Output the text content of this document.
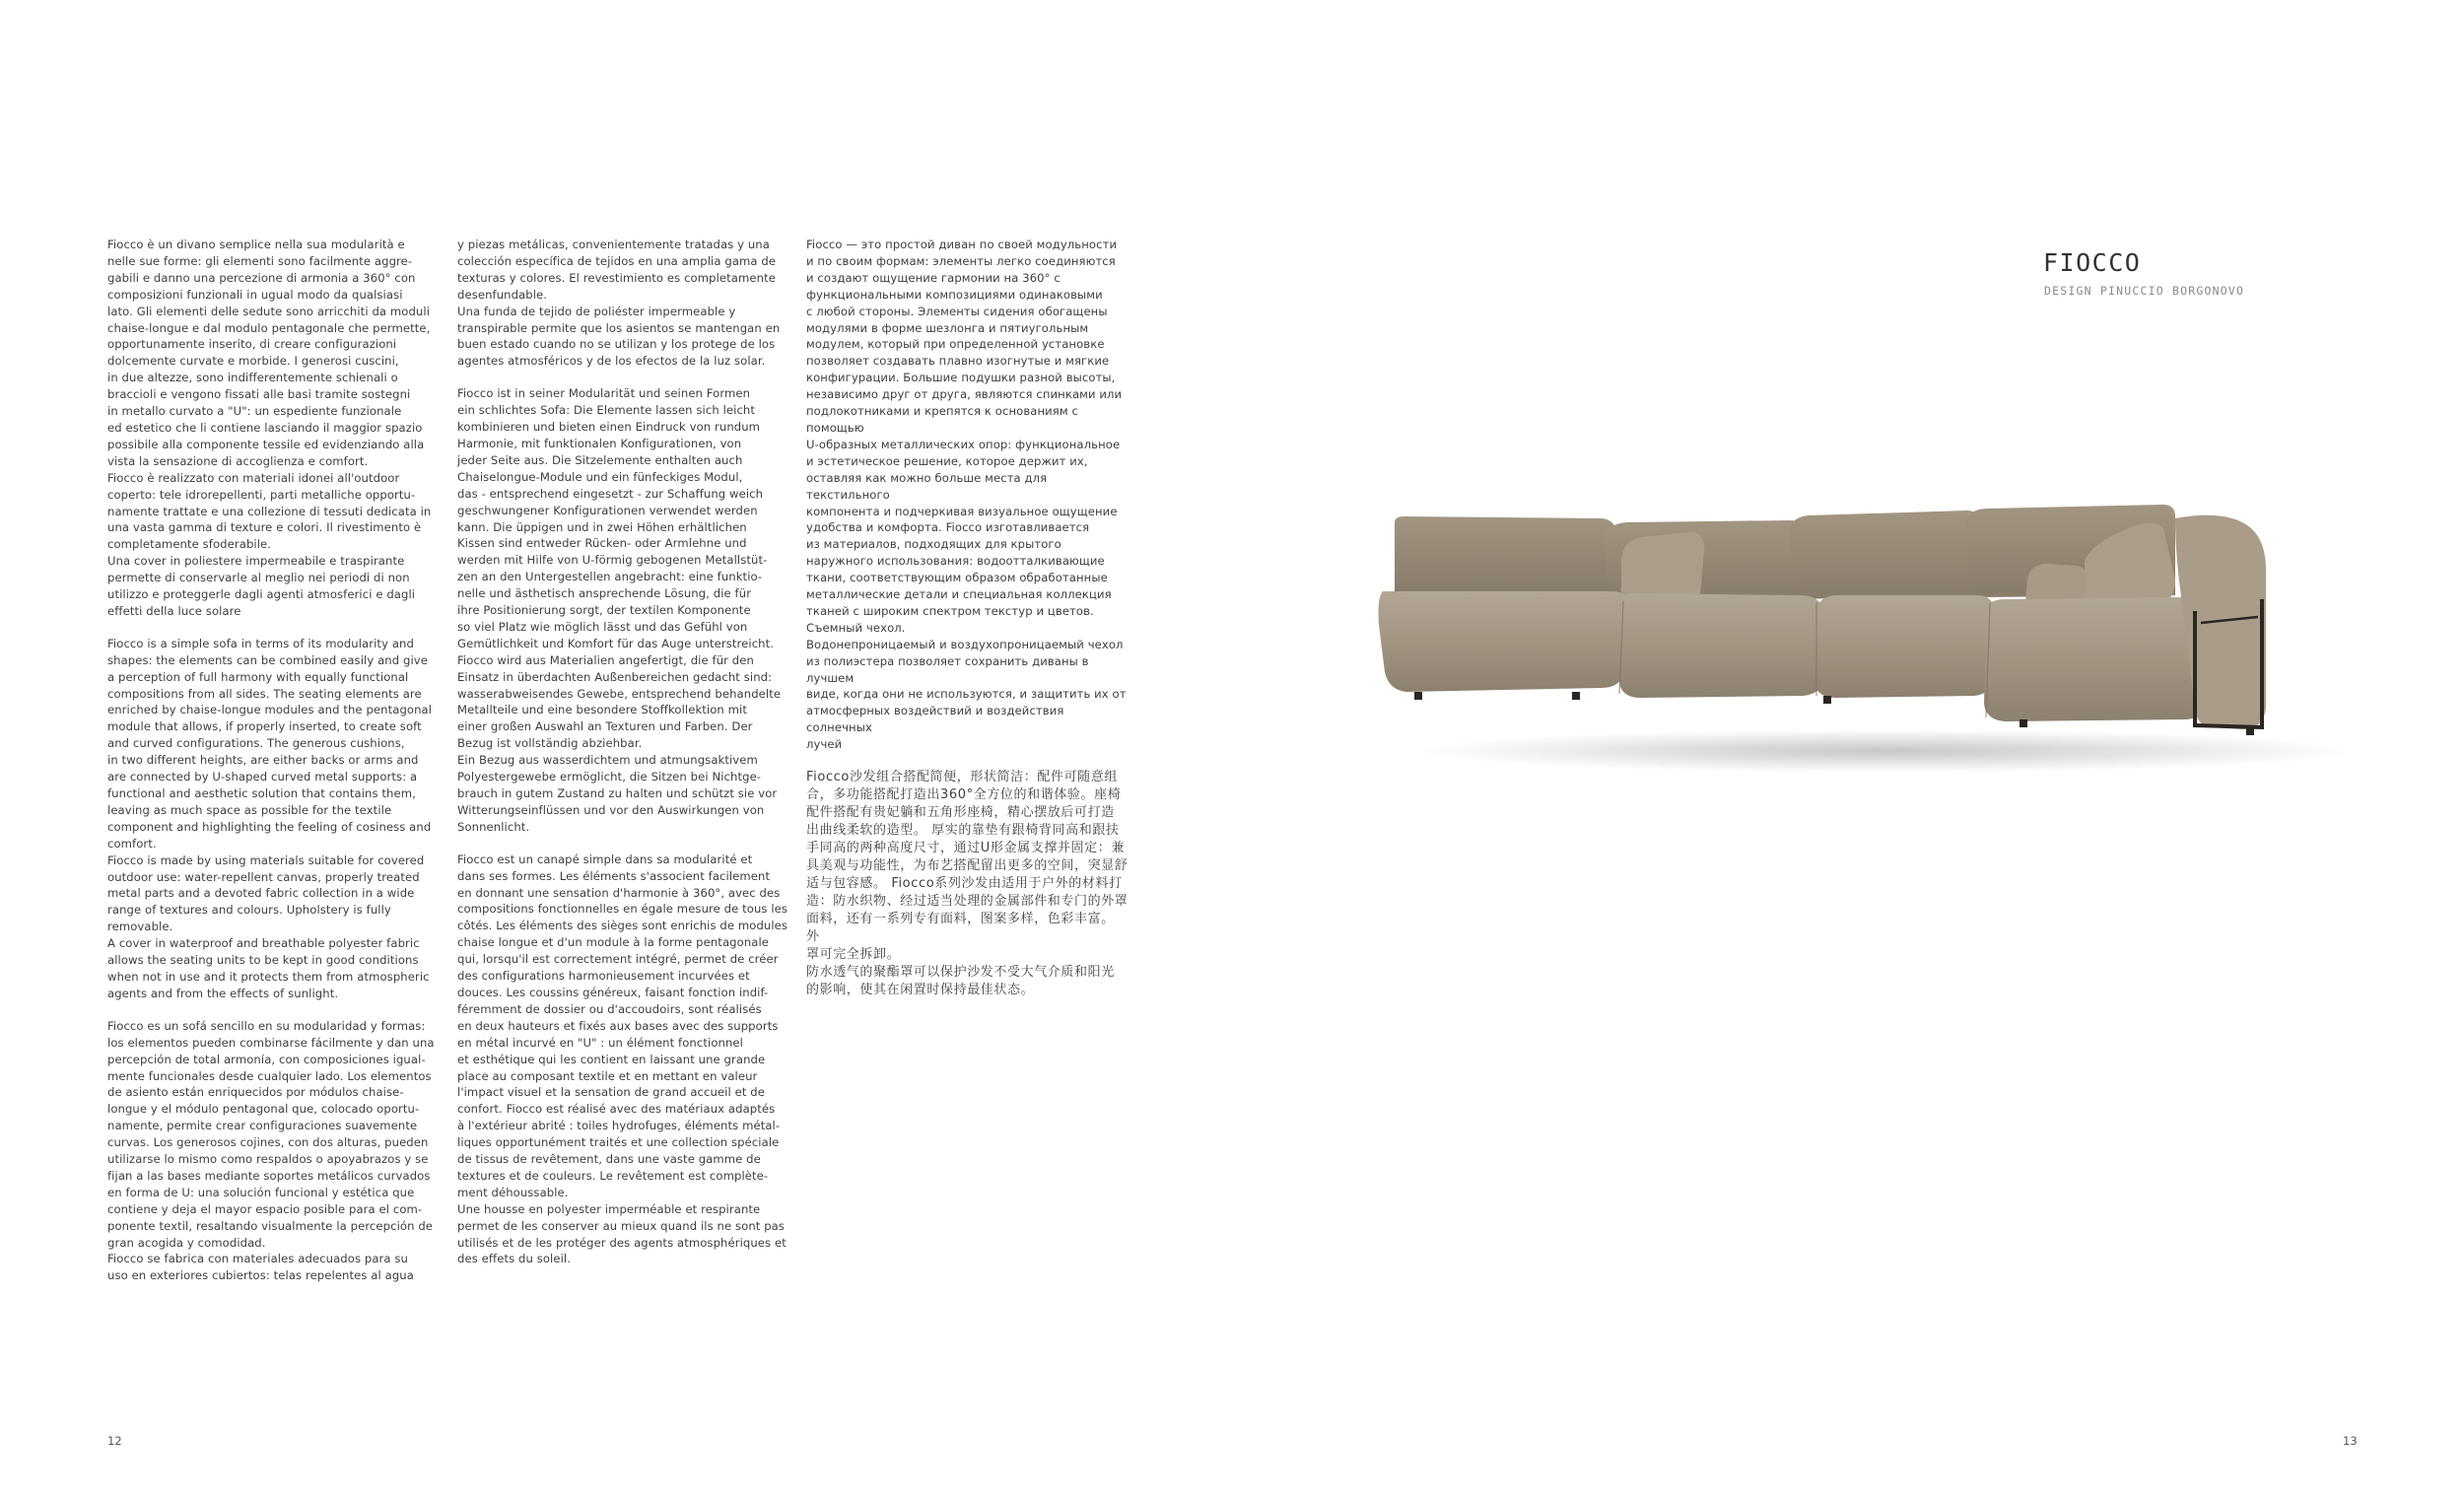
Fiocco è un divano semplice nella sua modularità e
nelle sue forme: gli elementi sono facilmente aggre-
gabili e danno una percezione di armonia a 360° con
composizioni funzionali in ugual modo da qualsiasi
lato. Gli elementi delle sedute sono arricchiti da moduli
chaise-longue e dal modulo pentagonale che permette,
opportunamente inserito, di creare configurazioni
dolcemente curvate e morbide. I generosi cuscini,
in due altezze, sono indifferentemente schienali o
braccioli e vengono fissati alle basi tramite sostegni
in metallo curvato a "U": un espediente funzionale
ed estetico che li contiene lasciando il maggior spazio
possibile alla componente tessile ed evidenziando alla
vista la sensazione di accoglienza e comfort.
Fiocco è realizzato con materiali idonei all'outdoor
coperto: tele idrorepellenti, parti metalliche opportu-
namente trattate e una collezione di tessuti dedicata in
una vasta gamma di texture e colori. Il rivestimento è
completamente sfoderabile.
Una cover in poliestere impermeabile e traspirante
permette di conservarle al meglio nei periodi di non
utilizzo e proteggerle dagli agenti atmosferici e dagli
effetti della luce solare

Fiocco is a simple sofa in terms of its modularity and
shapes: the elements can be combined easily and give
a perception of full harmony with equally functional
compositions from all sides. The seating elements are
enriched by chaise-longue modules and the pentagonal
module that allows, if properly inserted, to create soft
and curved configurations. The generous cushions,
in two different heights, are either backs or arms and
are connected by U-shaped curved metal supports: a
functional and aesthetic solution that contains them,
leaving as much space as possible for the textile
component and highlighting the feeling of cosiness and
comfort.
Fiocco is made by using materials suitable for covered
outdoor use: water-repellent canvas, properly treated
metal parts and a devoted fabric collection in a wide
range of textures and colours. Upholstery is fully
removable.
A cover in waterproof and breathable polyester fabric
allows the seating units to be kept in good conditions
when not in use and it protects them from atmospheric
agents and from the effects of sunlight.

Fiocco es un sofá sencillo en su modularidad y formas:
los elementos pueden combinarse fácilmente y dan una
percepción de total armonía, con composiciones igual-
mente funcionales desde cualquier lado. Los elementos
de asiento están enriquecidos por módulos chaise-
longue y el módulo pentagonal que, colocado oportu-
namente, permite crear configuraciones suavemente
curvas. Los generosos cojines, con dos alturas, pueden
utilizarse lo mismo como respaldos o apoyabrazos y se
fijan a las bases mediante soportes metálicos curvados
en forma de U: una solución funcional y estética que
contiene y deja el mayor espacio posible para el com-
ponente textil, resaltando visualmente la percepción de
gran acogida y comodidad.
Fiocco se fabrica con materiales adecuados para su
uso en exteriores cubiertos: telas repelentes al agua

y piezas metálicas, convenientemente tratadas y una
colección específica de tejidos en una amplia gama de
texturas y colores. El revestimiento es completamente
desenfundable.
Una funda de tejido de poliéster impermeable y
transpirable permite que los asientos se mantengan en
buen estado cuando no se utilizan y los protege de los
agentes atmosféricos y de los efectos de la luz solar.

Fiocco ist in seiner Modularität und seinen Formen
ein schlichtes Sofa: Die Elemente lassen sich leicht
kombinieren und bieten einen Eindruck von rundum
Harmonie, mit funktionalen Konfigurationen, von
jeder Seite aus. Die Sitzelemente enthalten auch
Chaiselongue-Module und ein fünfeckiges Modul,
das - entsprechend eingesetzt - zur Schaffung weich
geschwungener Konfigurationen verwendet werden
kann. Die üppigen und in zwei Höhen erhältlichen
Kissen sind entweder Rücken- oder Armlehne und
werden mit Hilfe von U-förmig gebogenen Metallstüt-
zen an den Untergestellen angebracht: eine funktio-
nelle und ästhetisch ansprechende Lösung, die für
ihre Positionierung sorgt, der textilen Komponente
so viel Platz wie möglich lässt und das Gefühl von
Gemütlichkeit und Komfort für das Auge unterstreicht.
Fiocco wird aus Materialien angefertigt, die für den
Einsatz in überdachten Außenbereichen gedacht sind:
wasserabweisendes Gewebe, entsprechend behandelte
Metallteile und eine besondere Stoffkollektion mit
einer großen Auswahl an Texturen und Farben. Der
Bezug ist vollständig abziehbar.
Ein Bezug aus wasserdichtem und atmungsaktivem
Polyestergewebe ermöglicht, die Sitzen bei Nichtge-
brauch in gutem Zustand zu halten und schützt sie vor
Witterungseinflüssen und vor den Auswirkungen von
Sonnenlicht.

Fiocco est un canapé simple dans sa modularité et
dans ses formes. Les éléments s'associent facilement
en donnant une sensation d'harmonie à 360°, avec des
compositions fonctionnelles en égale mesure de tous les
côtés. Les éléments des sièges sont enrichis de modules
chaise longue et d'un module à la forme pentagonale
qui, lorsqu'il est correctement intégré, permet de créer
des configurations harmonieusement incurvées et
douces. Les coussins généreux, faisant fonction indif-
féremment de dossier ou d'accoudoirs, sont réalisés
en deux hauteurs et fixés aux bases avec des supports
en métal incurvé en "U" : un élément fonctionnel
et esthétique qui les contient en laissant une grande
place au composant textile et en mettant en valeur
l'impact visuel et la sensation de grand accueil et de
confort. Fiocco est réalisé avec des matériaux adaptés
à l'extérieur abrité : toiles hydrofuges, éléments métal-
liques opportunément traités et une collection spéciale
de tissus de revêtement, dans une vaste gamme de
textures et de couleurs. Le revêtement est complète-
ment déhoussable.
Une housse en polyester imperméable et respirante
permet de les conserver au mieux quand ils ne sont pas
utilisés et de les protéger des agents atmosphériques et
des effets du soleil.

Fiocco — это простой диван по своей модульности
и по своим формам: элементы легко соединяются
и создают ощущение гармонии на 360° с
функциональными композициями одинаковыми
с любой стороны. Элементы сидения обогащены
модулями в форме шезлонга и пятиугольным
модулем, который при определенной установке
позволяет создавать плавно изогнутые и мягкие
конфигурации. Большие подушки разной высоты,
независимо друг от друга, являются спинками или
подлокотниками и крепятся к основаниям с помощью
U-образных металлических опор: функциональное
и эстетическое решение, которое держит их,
оставляя как можно больше места для текстильного
компонента и подчеркивая визуальное ощущение
удобства и комфорта. Fiocco изготавливается
из материалов, подходящих для крытого
наружного использования: водоотталкивающие
ткани, соответствующим образом обработанные
металлические детали и специальная коллекция
тканей с широким спектром текстур и цветов.
Съемный чехол.
Водонепроницаемый и воздухопроницаемый чехол
из полиэстера позволяет сохранить диваны в лучшем
виде, когда они не используются, и защитить их от
атмосферных воздействий и воздействия солнечных
лучей

Fiocco沙发组合搭配简便，形状简洁：配件可随意组
合，多功能搭配打造出360°全方位的和谐体验。座椅
配件搭配有贵妃躺和五角形座椅，精心摆放后可打造
出曲线柔软的造型。 厚实的靠垫有跟椅背同高和跟扶
手同高的两种高度尺寸，通过U形金属支撑并固定：兼
具美观与功能性，为布艺搭配留出更多的空间，突显舒
适与包容感。 Fiocco系列沙发由适用于户外的材料打
造：防水织物、经过适当处理的金属部件和专门的外罩
面料，还有一系列专有面料，图案多样，色彩丰富。 外
罩可完全拆卸。
防水透气的聚酯罩可以保护沙发不受大气介质和阳光
的影响，使其在闲置时保持最佳状态。

FIOCCO
DESIGN PINUCCIO BORGONOVO
12	13
